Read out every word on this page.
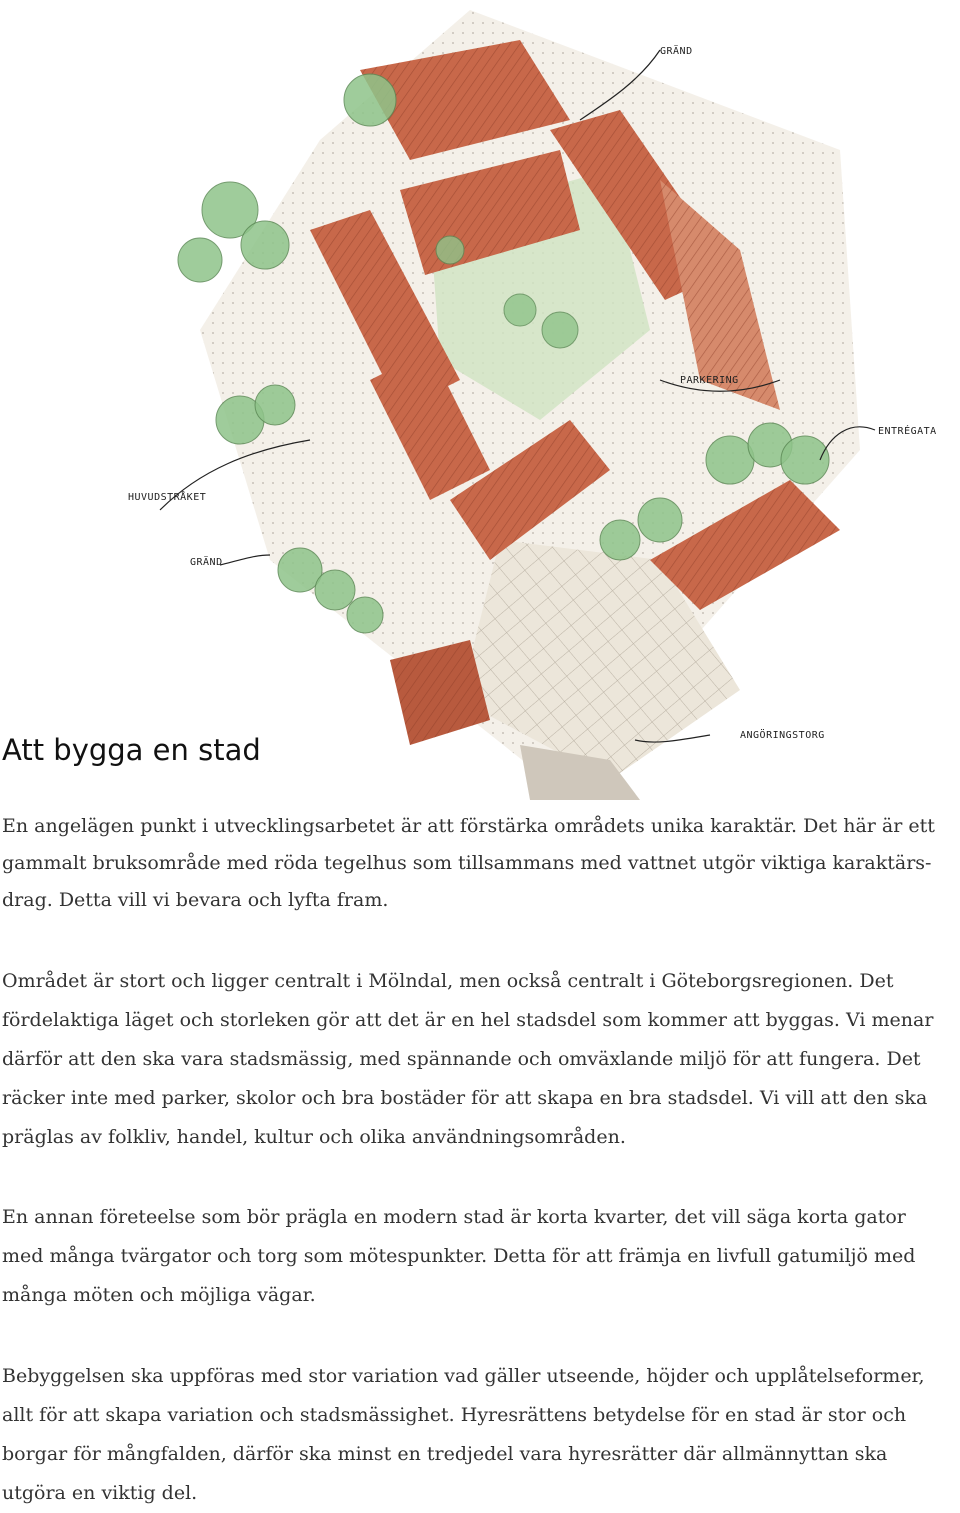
GRÄND
PARKERING
ENTRÉGATA
HUVUDSTRÅKET
GRÄND
ANGÖRINGSTORG
Att bygga en stad

En angelägen punkt i utvecklingsarbetet är att förstärka områdets unika karaktär. Det här är ett gammalt bruksområde med röda tegelhus som tillsammans med vattnet utgör viktiga karaktärs-drag. Detta vill vi bevara och lyfta fram.

Området är stort och ligger centralt i Mölndal, men också centralt i Göteborgsregionen. Det fördelaktiga läget och storleken gör att det är en hel stadsdel som kommer att byggas. Vi menar därför att den ska vara stadsmässig, med spännande och omväxlande miljö för att fungera. Det räcker inte med parker, skolor och bra bostäder för att skapa en bra stadsdel. Vi vill att den ska präglas av folkliv, handel, kultur och olika användningsområden.

En annan företeelse som bör prägla en modern stad är korta kvarter, det vill säga korta gator med många tvärgator och torg som mötespunkter. Detta för att främja en livfull gatumiljö med många möten och möjliga vägar.

Bebyggelsen ska uppföras med stor variation vad gäller utseende, höjder och upplåtelseformer, allt för att skapa variation och stadsmässighet. Hyresrättens betydelse för en stad är stor och borgar för mångfalden, därför ska minst en tredjedel vara hyresrätter där allmännyttan ska utgöra en viktig del.
